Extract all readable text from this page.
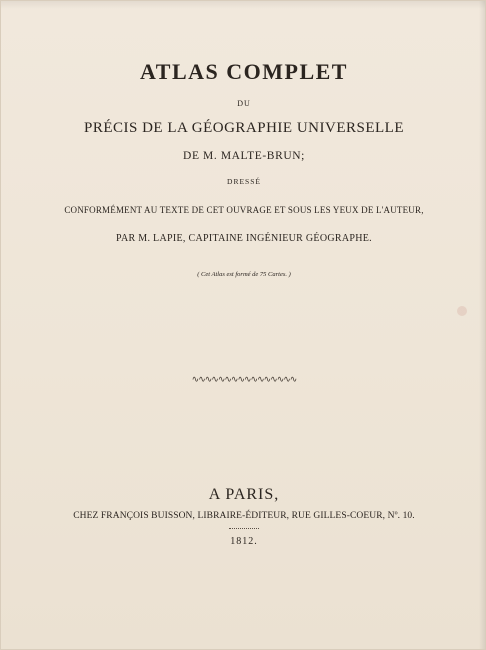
ATLAS COMPLET
DU
PRÉCIS DE LA GÉOGRAPHIE UNIVERSELLE
DE M. MALTE-BRUN;
DRESSÉ
CONFORMÉMENT AU TEXTE DE CET OUVRAGE ET SOUS LES YEUX DE L'AUTEUR,
PAR M. LAPIE, CAPITAINE INGÉNIEUR GÉOGRAPHE.
( Cet Atlas est formé de 75 Cartes. )
∿∿∿∿∿∿∿∿∿∿∿∿∿∿∿∿
A PARIS,
CHEZ FRANÇOIS BUISSON, LIBRAIRE-ÉDITEUR, RUE GILLES-COEUR, Nº. 10.
1812.
